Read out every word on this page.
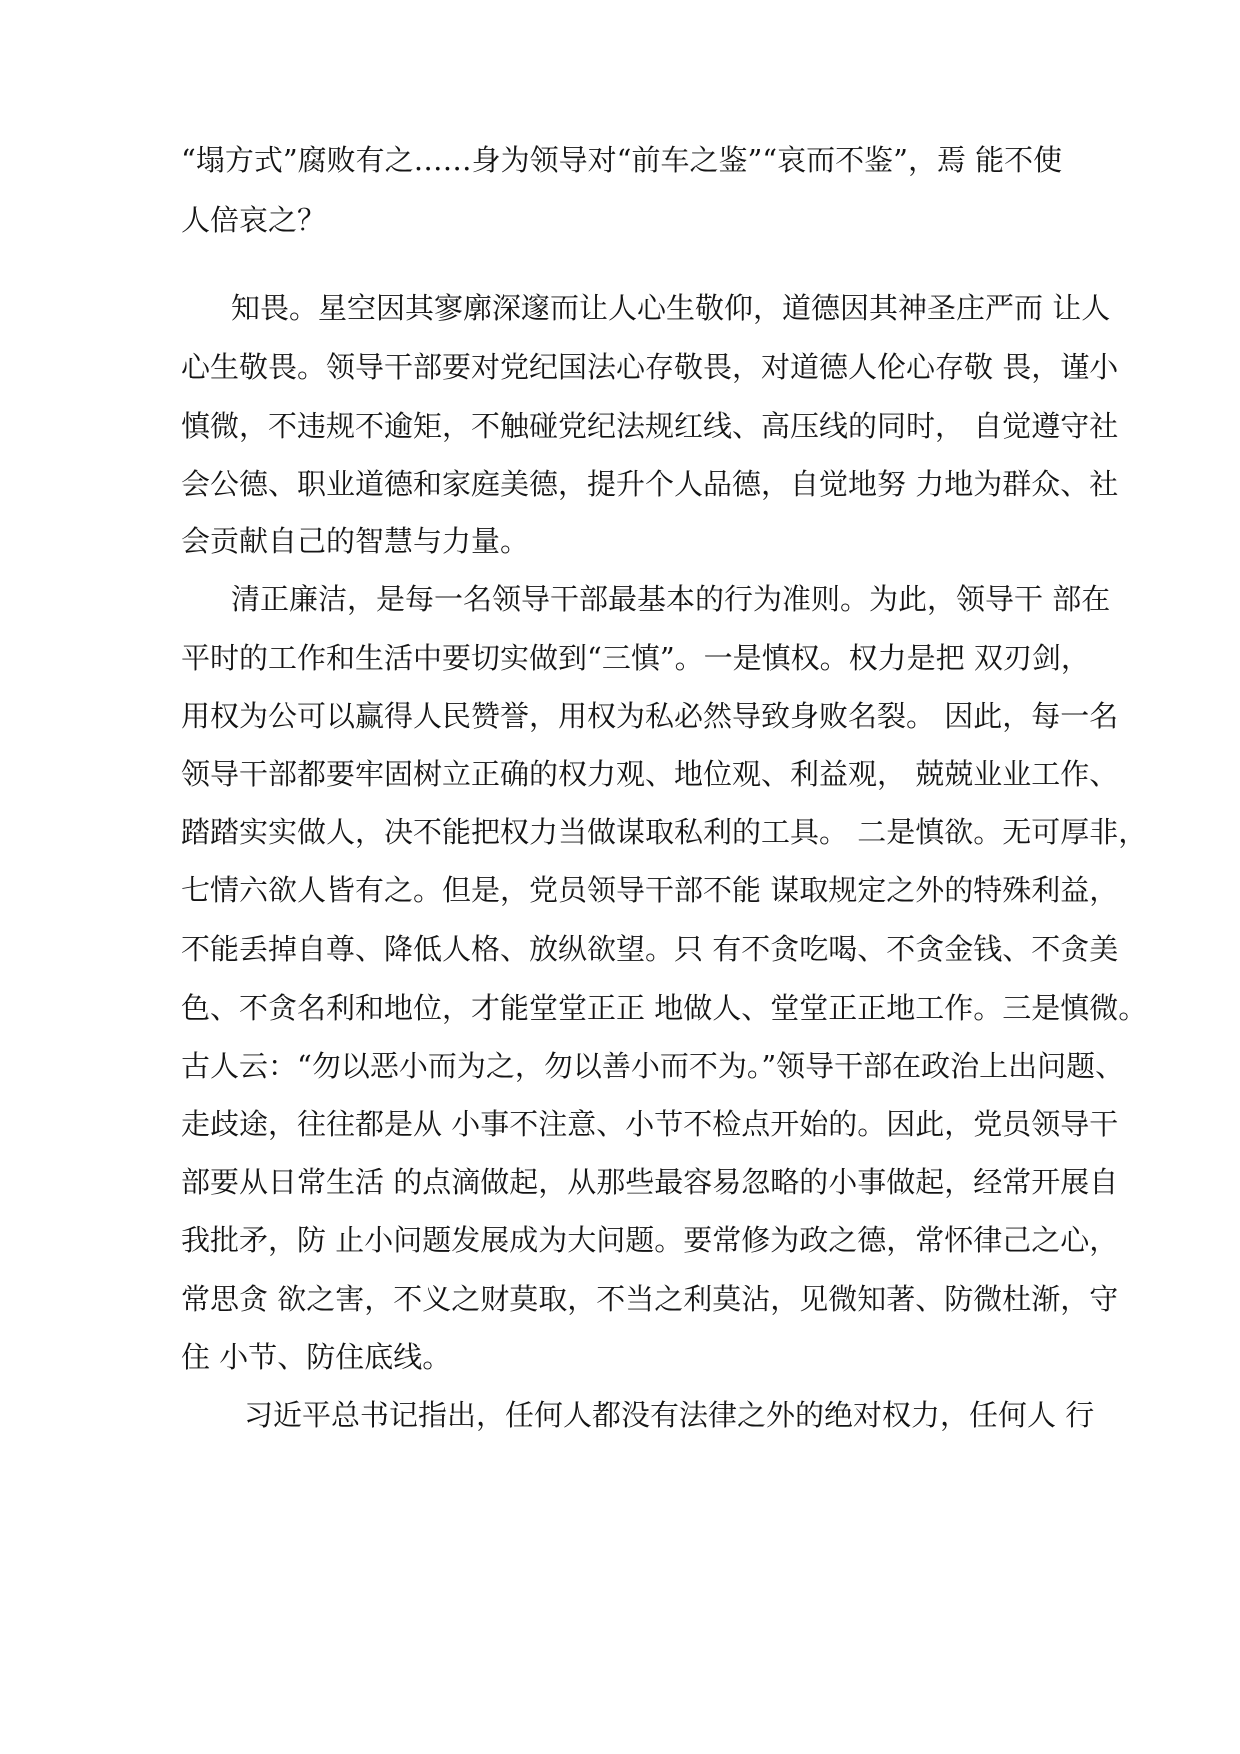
“塌方式”腐败有之……身为领导对“前车之鉴”“哀而不鉴”，焉 能不使
人倍哀之？
知畏。星空因其寥廓深邃而让人心生敬仰，道德因其神圣庄严而 让人
心生敬畏。领导干部要对党纪国法心存敬畏，对道德人伦心存敬 畏，谨小
慎微，不违规不逾矩，不触碰党纪法规红线、高压线的同时， 自觉遵守社
会公德、职业道德和家庭美德，提升个人品德，自觉地努 力地为群众、社
会贡献自己的智慧与力量。
清正廉洁，是每一名领导干部最基本的行为准则。为此，领导干 部在
平时的工作和生活中要切实做到“三慎”。一是慎权。权力是把 双刃剑，
用权为公可以赢得人民赞誉，用权为私必然导致身败名裂。 因此，每一名
领导干部都要牢固树立正确的权力观、地位观、利益观， 兢兢业业工作、
踏踏实实做人，决不能把权力当做谋取私利的工具。 二是慎欲。无可厚非，
七情六欲人皆有之。但是，党员领导干部不能 谋取规定之外的特殊利益，
不能丢掉自尊、降低人格、放纵欲望。只 有不贪吃喝、不贪金钱、不贪美
色、不贪名利和地位，才能堂堂正正 地做人、堂堂正正地工作。三是慎微。
古人云：“勿以恶小而为之，勿以善小而不为。”领导干部在政治上出问题、
走歧途，往往都是从 小事不注意、小节不检点开始的。因此，党员领导干
部要从日常生活 的点滴做起，从那些最容易忽略的小事做起，经常开展自
我批矛，防 止小问题发展成为大问题。要常修为政之德，常怀律己之心，
常思贪 欲之害，不义之财莫取，不当之利莫沾，见微知著、防微杜渐，守
住 小节、防住底线。
习近平总书记指出，任何人都没有法律之外的绝对权力，任何人 行
